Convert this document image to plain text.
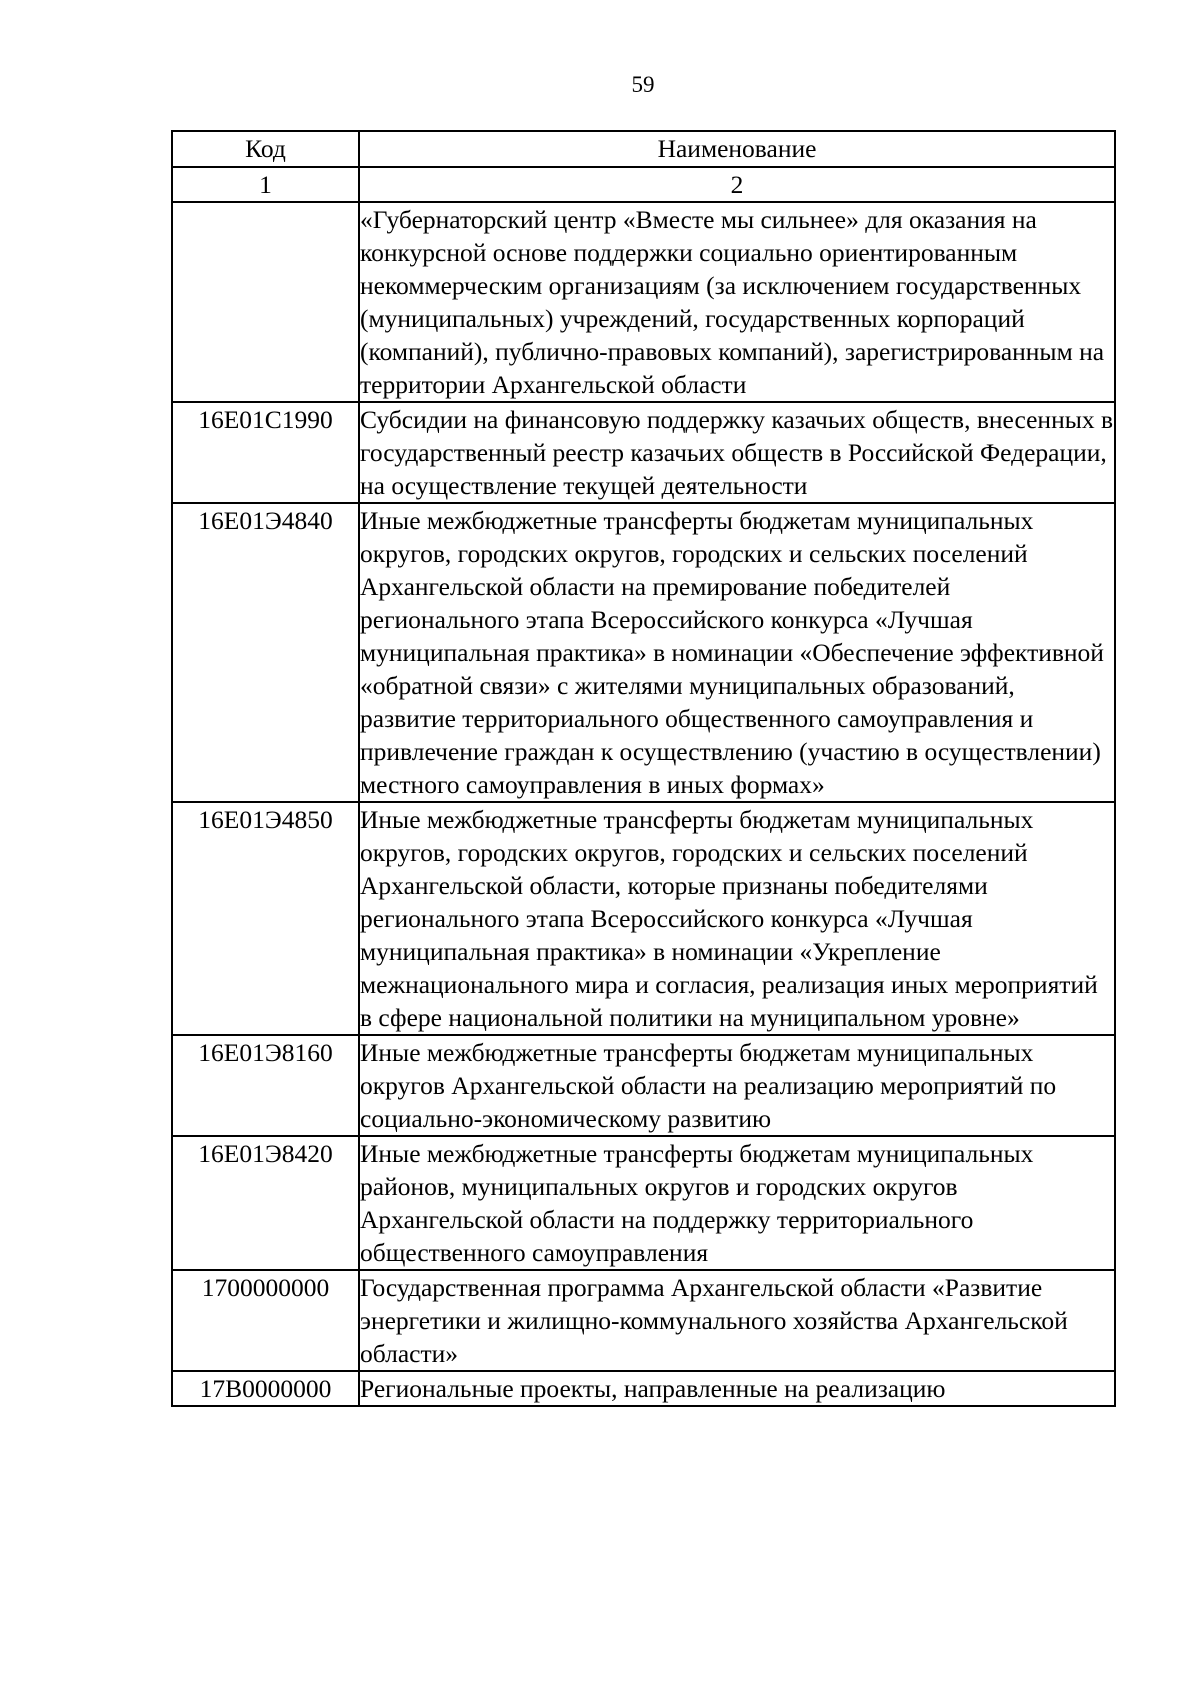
59
Код	Наименование
1	2
	«Губернаторский центр «Вместе мы сильнее» для оказания на конкурсной основе поддержки социально ориентированным некоммерческим организациям (за исключением государственных (муниципальных) учреждений, государственных корпораций (компаний), публично-правовых компаний), зарегистрированным на территории Архангельской области
16Е01С1990	Субсидии на финансовую поддержку казачьих обществ, внесенных в государственный реестр казачьих обществ в Российской Федерации, на осуществление текущей деятельности
16Е01Э4840	Иные межбюджетные трансферты бюджетам муниципальных округов, городских округов, городских и сельских поселений Архангельской области на премирование победителей регионального этапа Всероссийского конкурса «Лучшая муниципальная практика» в номинации «Обеспечение эффективной «обратной связи» с жителями муниципальных образований, развитие территориального общественного самоуправления и привлечение граждан к осуществлению (участию в осуществлении) местного самоуправления в иных формах»
16Е01Э4850	Иные межбюджетные трансферты бюджетам муниципальных округов, городских округов, городских и сельских поселений Архангельской области, которые признаны победителями регионального этапа Всероссийского конкурса «Лучшая муниципальная практика» в номинации «Укрепление межнационального мира и согласия, реализация иных мероприятий в сфере национальной политики на муниципальном уровне»
16Е01Э8160	Иные межбюджетные трансферты бюджетам муниципальных округов Архангельской области на реализацию мероприятий по социально-экономическому развитию
16Е01Э8420	Иные межбюджетные трансферты бюджетам муниципальных районов, муниципальных округов и городских округов Архангельской области на поддержку территориального общественного самоуправления
1700000000	Государственная программа Архангельской области «Развитие энергетики и жилищно-коммунального хозяйства Архангельской области»
17В0000000	Региональные проекты, направленные на реализацию
